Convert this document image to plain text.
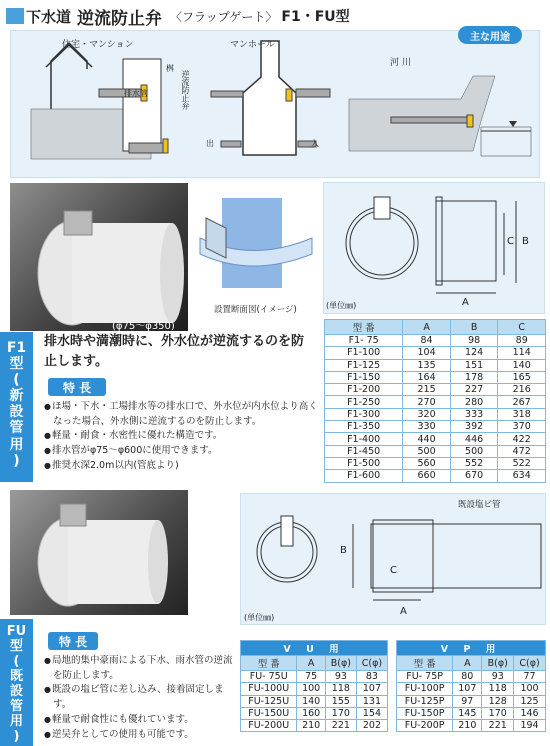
下水道 逆流防止弁 〈フラップゲート〉 F1・FU型
住宅・マンション	マンホール
河 川
桝
排水管	逆流防止弁
出	入
主な用途
(φ75～φ350)
設置断面図(イメージ)
A
C B
(単位㎜)
F1
型
(
新
設
管
用
)
排水時や満潮時に、外水位が逆流するのを防止します。
特 長
● ほ場・下水・工場排水等の排水口で、外水位が内水位より高くなった場合、外水側に逆流するのを防止します。
● 軽量・耐食・水密性に優れた構造です。
● 排水管がφ75～φ600に使用できます。
● 推奨水深2.0m以内(管底より)
型 番	A	B	C
F1- 75	84	98	89
F1-100	104	124	114
F1-125	135	151	140
F1-150	164	178	165
F1-200	215	227	216
F1-250	270	280	267
F1-300	320	333	318
F1-350	330	392	370
F1-400	440	446	422
F1-450	500	500	472
F1-500	560	552	522
F1-600	660	670	634
既設塩ビ管
B
C
A
(単位㎜)
FU
型
(
既
設
管
用
)
特 長
● 局地的集中豪雨による下水、雨水管の逆流を防止します。
● 既設の塩ビ管に差し込み、接着固定します。
● 軽量で耐食性にも優れています。
● 逆吴弁としての使用も可能です。
V U 用			
型 番	A	B(φ)	C(φ)
FU- 75U	75	93	83
FU-100U	100	118	107
FU-125U	140	155	131
FU-150U	160	170	154
FU-200U	210	221	202
V P 用			
型 番	A	B(φ)	C(φ)
FU- 75P	80	93	77
FU-100P	107	118	100
FU-125P	97	128	125
FU-150P	145	170	146
FU-200P	210	221	194
